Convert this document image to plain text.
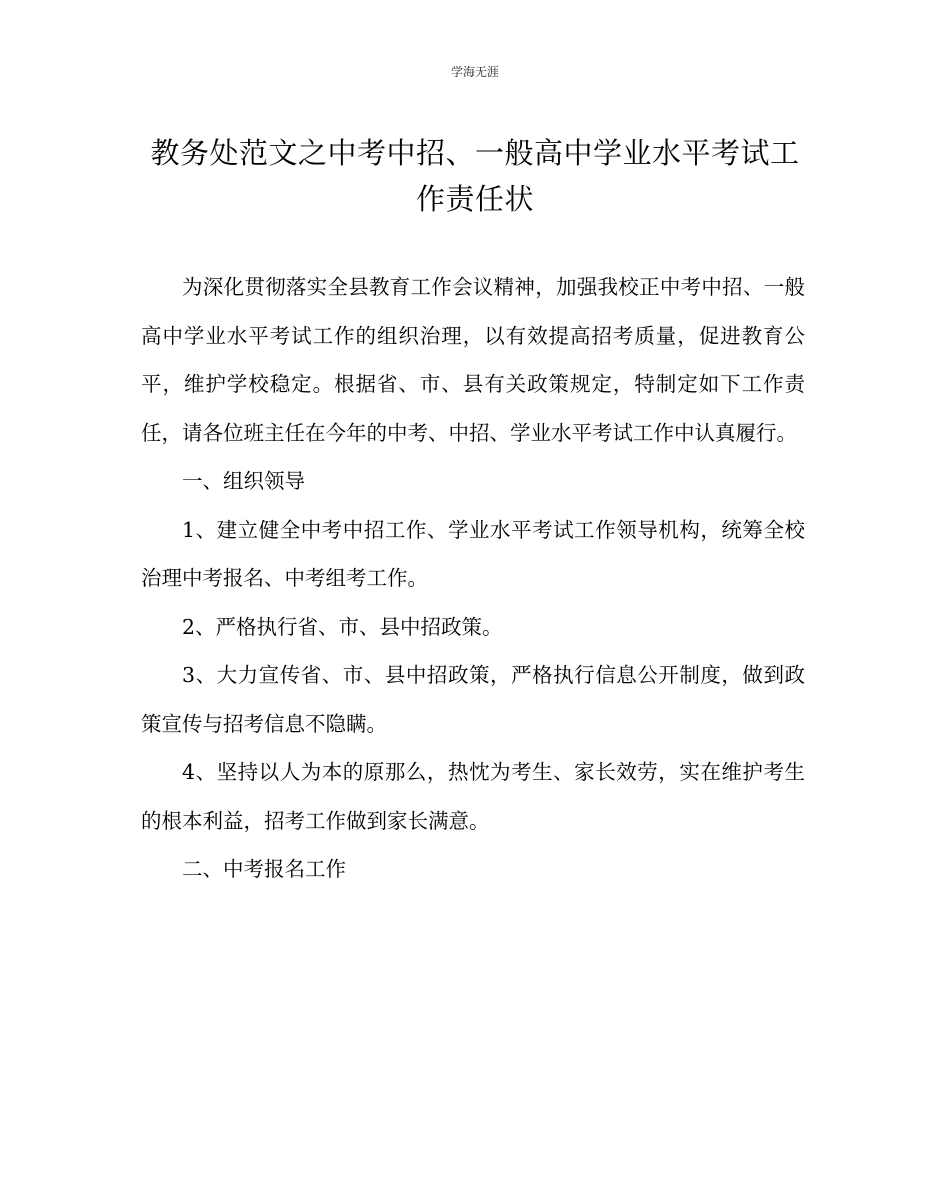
学海无涯
教务处范文之中考中招、一般高中学业水平考试工作责任状

为深化贯彻落实全县教育工作会议精神，加强我校正中考中招、一般高中学业水平考试工作的组织治理，以有效提高招考质量，促进教育公平，维护学校稳定。根据省、市、县有关政策规定，特制定如下工作责任，请各位班主任在今年的中考、中招、学业水平考试工作中认真履行。

一、组织领导

1、建立健全中考中招工作、学业水平考试工作领导机构，统筹全校治理中考报名、中考组考工作。

2、严格执行省、市、县中招政策。

3、大力宣传省、市、县中招政策，严格执行信息公开制度，做到政策宣传与招考信息不隐瞒。

4、坚持以人为本的原那么，热忱为考生、家长效劳，实在维护考生的根本利益，招考工作做到家长满意。

二、中考报名工作
